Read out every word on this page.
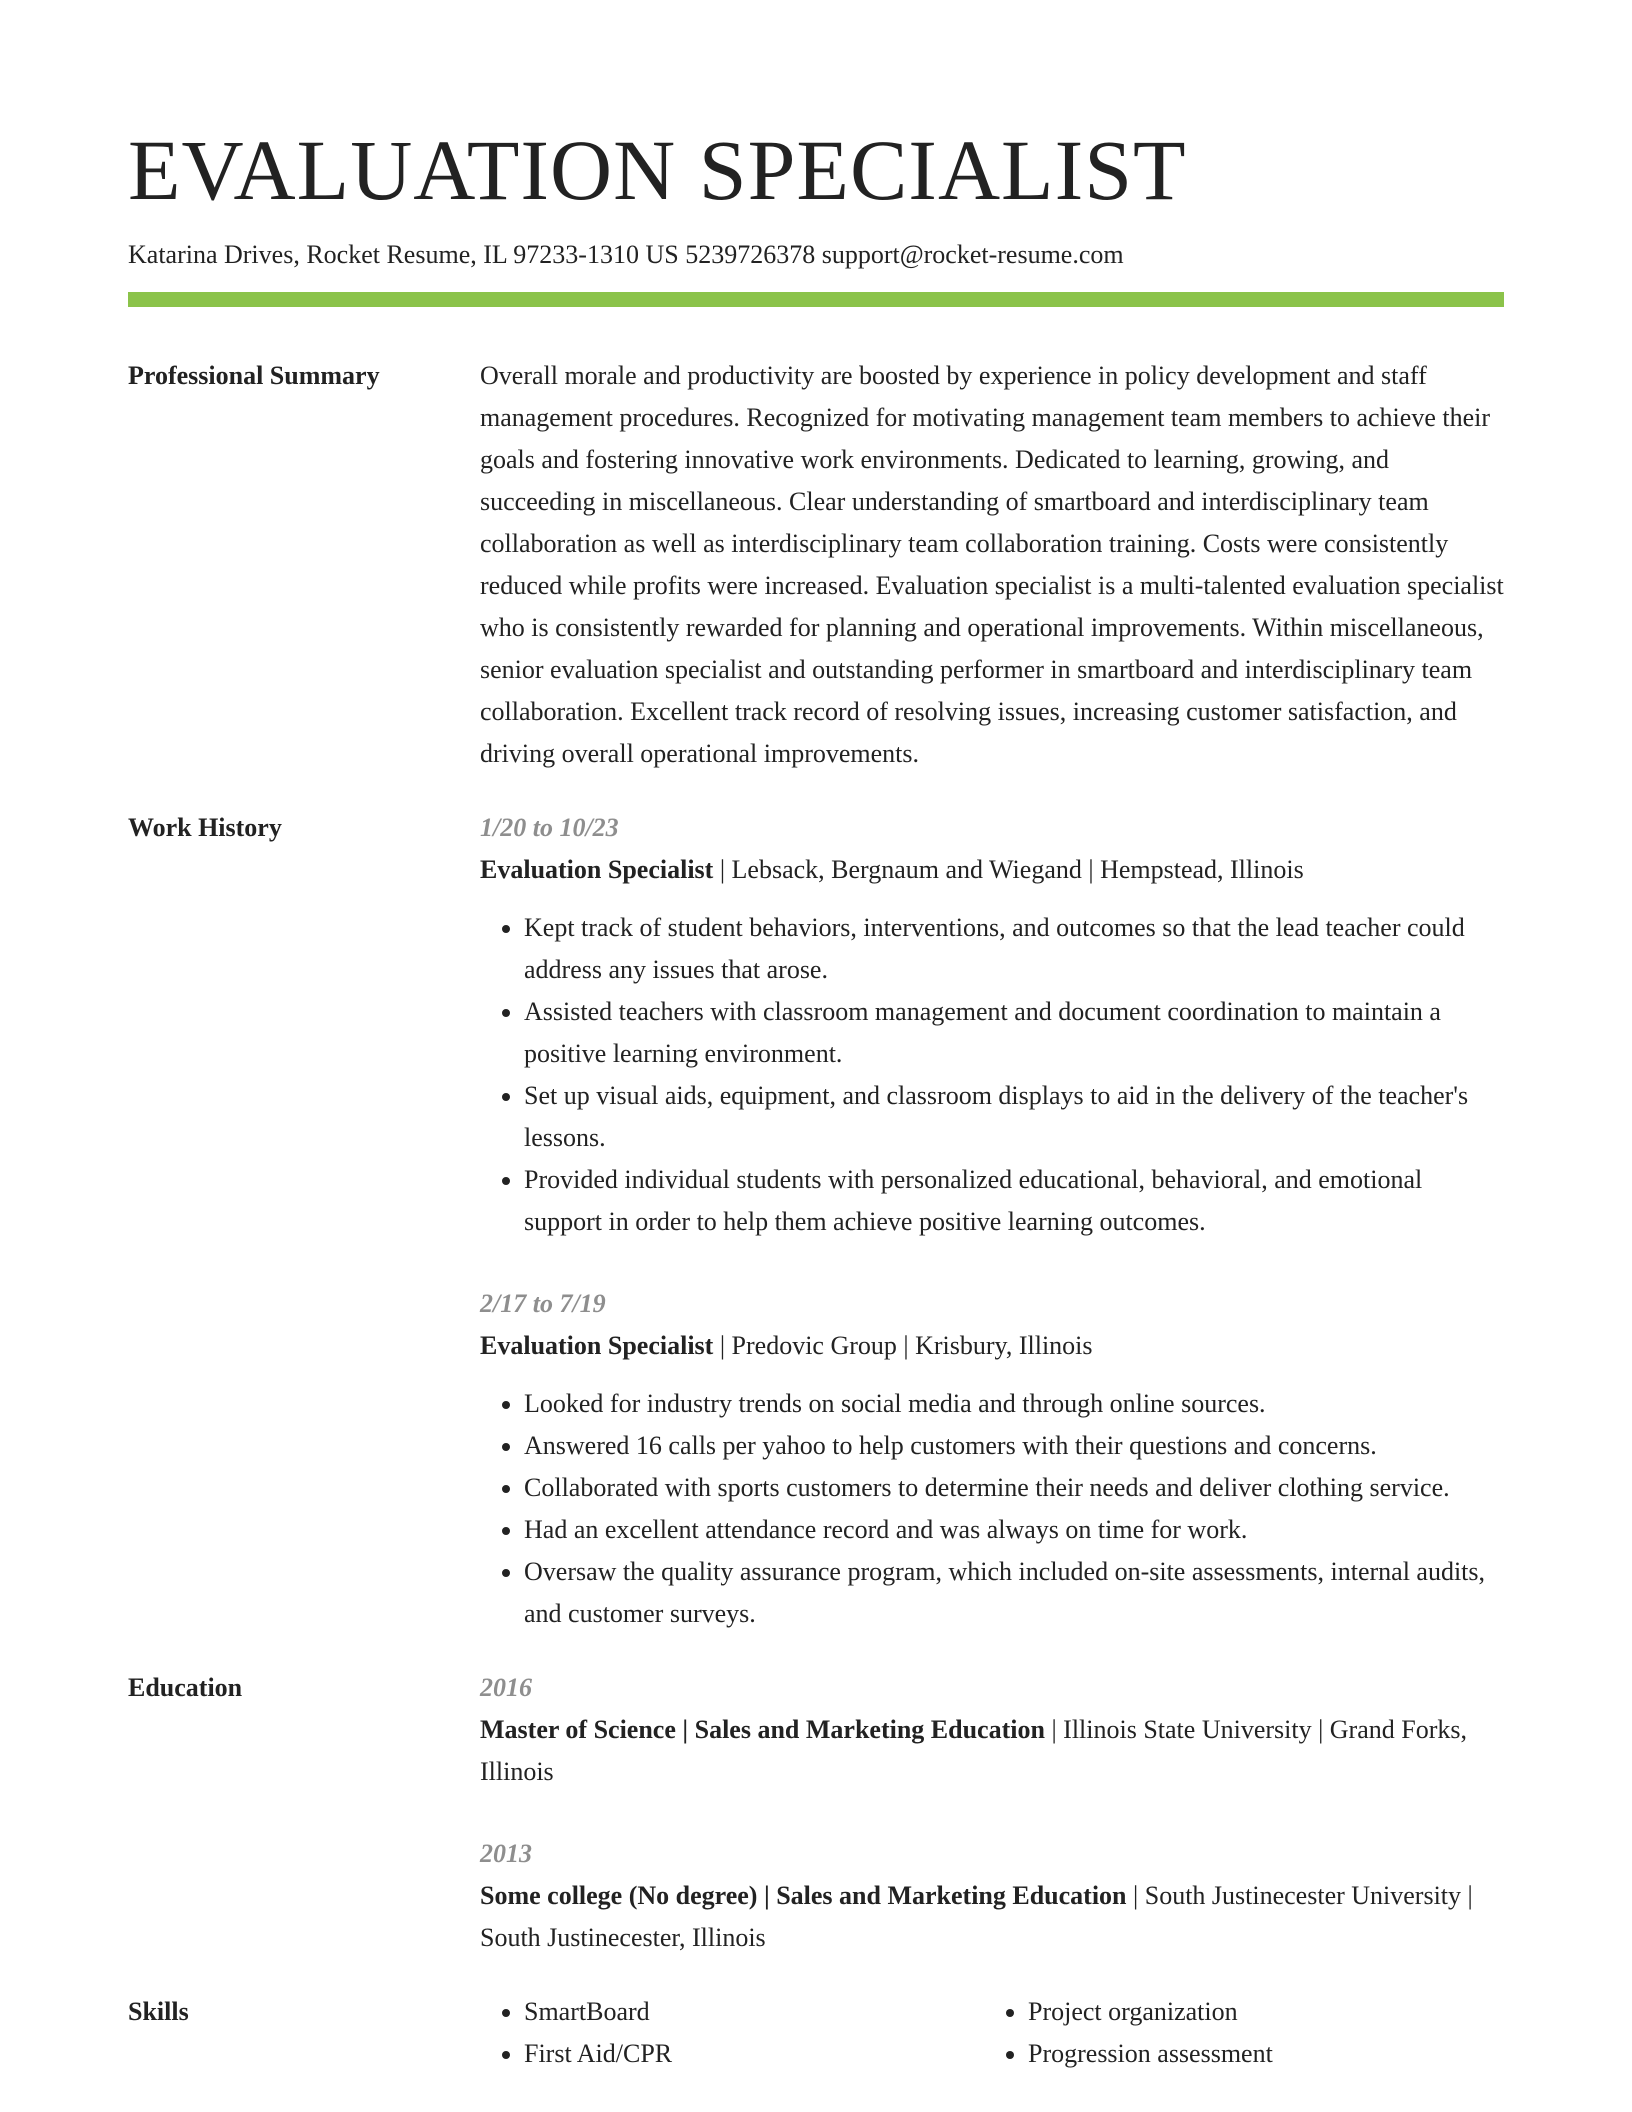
EVALUATION SPECIALIST
Katarina Drives, Rocket Resume, IL 97233-1310 US 5239726378 support@rocket-resume.com
Professional Summary	Overall morale and productivity are boosted by experience in policy development and staff management procedures. Recognized for motivating management team members to achieve their goals and fostering innovative work environments. Dedicated to learning, growing, and succeeding in miscellaneous. Clear understanding of smartboard and interdisciplinary team collaboration as well as interdisciplinary team collaboration training. Costs were consistently reduced while profits were increased. Evaluation specialist is a multi-talented evaluation specialist who is consistently rewarded for planning and operational improvements. Within miscellaneous, senior evaluation specialist and outstanding performer in smartboard and interdisciplinary team collaboration. Excellent track record of resolving issues, increasing customer satisfaction, and driving overall operational improvements.

Work History	1/20 to 10/23
Evaluation Specialist | Lebsack, Bergnaum and Wiegand | Hempstead, Illinois
• Kept track of student behaviors, interventions, and outcomes so that the lead teacher could address any issues that arose.
• Assisted teachers with classroom management and document coordination to maintain a positive learning environment.
• Set up visual aids, equipment, and classroom displays to aid in the delivery of the teacher's lessons.
• Provided individual students with personalized educational, behavioral, and emotional support in order to help them achieve positive learning outcomes.
2/17 to 7/19
Evaluation Specialist | Predovic Group | Krisbury, Illinois
• Looked for industry trends on social media and through online sources.
• Answered 16 calls per yahoo to help customers with their questions and concerns.
• Collaborated with sports customers to determine their needs and deliver clothing service.
• Had an excellent attendance record and was always on time for work.
• Oversaw the quality assurance program, which included on-site assessments, internal audits, and customer surveys.
Education	2016
Master of Science | Sales and Marketing Education | Illinois State University | Grand Forks, Illinois
2013
Some college (No degree) | Sales and Marketing Education | South Justinecester University | South Justinecester, Illinois
Skills
•	SmartBoard
• First Aid/CPR
• Project organization
• Progression assessment
